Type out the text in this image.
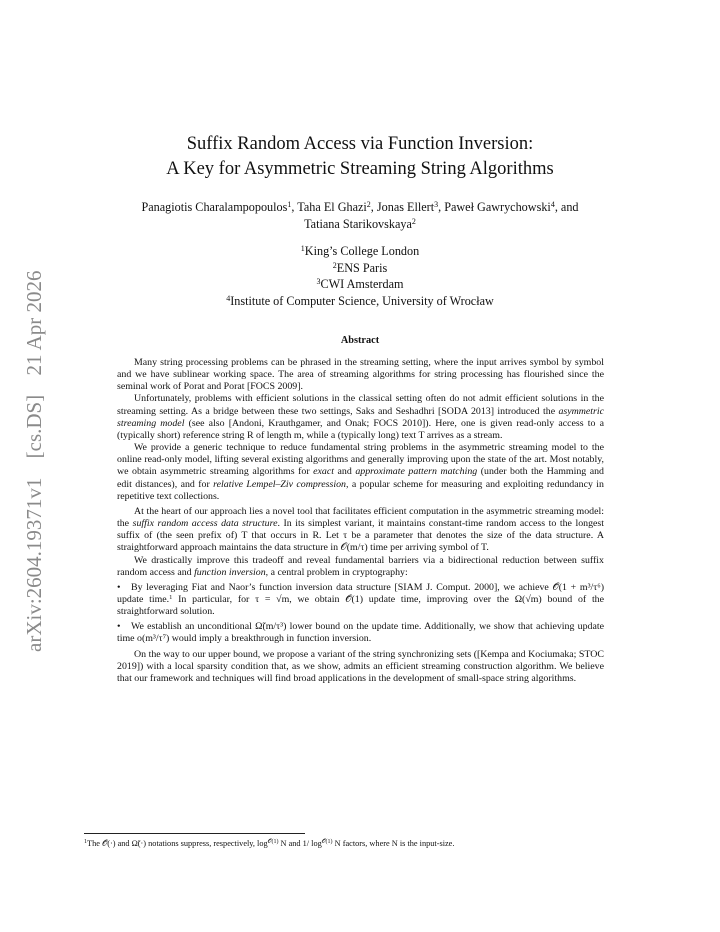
arXiv:2604.19371v1 [cs.DS] 21 Apr 2026
Suffix Random Access via Function Inversion:
A Key for Asymmetric Streaming String Algorithms
Panagiotis Charalampopoulos$^1$, Taha El Ghazi$^2$, Jonas Ellert$^3$, Paweł Gawrychowski$^4$, and
Tatiana Starikovskaya$^2$
$^1$King’s College London
$^2$ENS Paris
$^3$CWI Amsterdam
$^4$Institute of Computer Science, University of Wrocław
Abstract

Many string processing problems can be phrased in the streaming setting, where the input arrives symbol by symbol and we have sublinear working space. The area of streaming algorithms for string processing has flourished since the seminal work of Porat and Porat [FOCS 2009].

Unfortunately, problems with efficient solutions in the classical setting often do not admit efficient solutions in the streaming setting. As a bridge between these two settings, Saks and Seshadhri [SODA 2013] introduced the asymmetric streaming model (see also [Andoni, Krauthgamer, and Onak; FOCS 2010]). Here, one is given read-only access to a (typically short) reference string R of length m, while a (typically long) text T arrives as a stream.

We provide a generic technique to reduce fundamental string problems in the asymmetric streaming model to the online read-only model, lifting several existing algorithms and generally improving upon the state of the art. Most notably, we obtain asymmetric streaming algorithms for exact and approximate pattern matching (under both the Hamming and edit distances), and for relative Lempel–Ziv compression, a popular scheme for measuring and exploiting redundancy in repetitive text collections.

At the heart of our approach lies a novel tool that facilitates efficient computation in the asymmetric streaming model: the suffix random access data structure. In its simplest variant, it maintains constant-time random access to the longest suffix of (the seen prefix of) T that occurs in R. Let τ be a parameter that denotes the size of the data structure. A straightforward approach maintains the data structure in 𝒪(m/τ) time per arriving symbol of T.

We drastically improve this tradeoff and reveal fundamental barriers via a bidirectional reduction between suffix random access and function inversion, a central problem in cryptography:

• By leveraging Fiat and Naor’s function inversion data structure [SIAM J. Comput. 2000], we achieve 𝒪̃(1 + m³/τ⁶) update time.$^1$ In particular, for τ = √m, we obtain 𝒪̃(1) update time, improving over the Ω(√m) bound of the straightforward solution.
• We establish an unconditional Ω̃(m/τ³) lower bound on the update time. Additionally, we show that achieving update time o(m³/τ⁷) would imply a breakthrough in function inversion.

On the way to our upper bound, we propose a variant of the string synchronizing sets ([Kempa and Kociumaka; STOC 2019]) with a local sparsity condition that, as we show, admits an efficient streaming construction algorithm. We believe that our framework and techniques will find broad applications in the development of small-space string algorithms.

$^1$The 𝒪̃(·) and Ω̃(·) notations suppress, respectively, $\log^{𝒪(1)} N$ and 1/ $\log^{𝒪(1)} N$ factors, where N is the input-size.
